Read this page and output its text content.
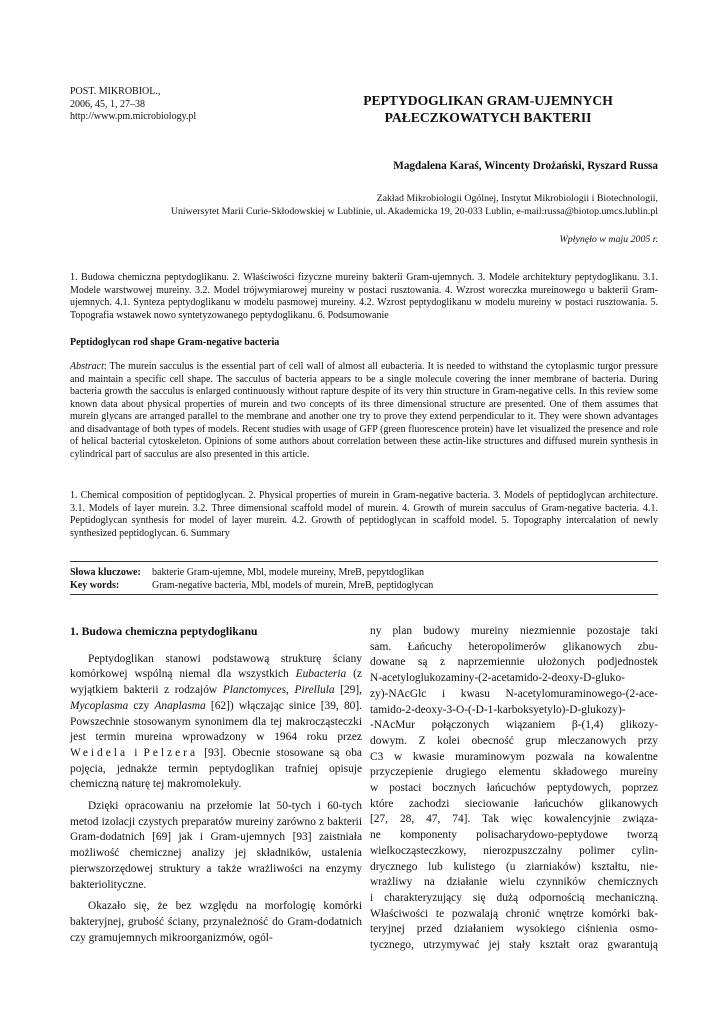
POST. MIKROBIOL.,
2006, 45, 1, 27–38
http://www.pm.microbiology.pl
PEPTYDOGLIKAN GRAM-UJEMNYCH
PAŁECZKOWATYCH BAKTERII
Magdalena Karaś, Wincenty Drożański, Ryszard Russa
Zakład Mikrobiologii Ogólnej, Instytut Mikrobiologii i Biotechnologii,
Uniwersytet Marii Curie-Skłodowskiej w Lublinie, ul. Akademicka 19, 20-033 Lublin, e-mail:russa@biotop.umcs.lublin.pl
Wpłynęło w maju 2005 r.
1. Budowa chemiczna peptydoglikanu. 2. Właściwości fizyczne mureiny bakterii Gram-ujemnych. 3. Modele architektury peptydoglikanu. 3.1. Modele warstwowej mureiny. 3.2. Model trójwymiarowej mureiny w postaci rusztowania. 4. Wzrost woreczka mureinowego u bakterii Gram-ujemnych. 4.1. Synteza peptydoglikanu w modelu pasmowej mureiny. 4.2. Wzrost peptydoglikanu w modelu mureiny w postaci rusztowania. 5. Topografia wstawek nowo syntetyzowanego peptydoglikanu. 6. Podsumowanie
Peptidoglycan rod shape Gram-negative bacteria
Abstract: The murein sacculus is the essential part of cell wall of almost all eubacteria. It is needed to withstand the cytoplasmic turgor pressure and maintain a specific cell shape. The sacculus of bacteria appears to be a single molecule covering the inner membrane of bacteria. During bacteria growth the sacculus is enlarged continuously without rapture despite of its very thin structure in Gram-negative cells. In this review some known data about physical properties of murein and two concepts of its three dimensional structure are presented. One of them assumes that murein glycans are arranged parallel to the membrane and another one try to prove they extend perpendicular to it. They were shown advantages and disadvantage of both types of models. Recent studies with usage of GFP (green fluorescence protein) have let visualized the presence and role of helical bacterial cytoskeleton. Opinions of some authors about correlation between these actin-like structures and diffused murein synthesis in cylindrical part of sacculus are also presented in this article.
1. Chemical composition of peptidoglycan. 2. Physical properties of murein in Gram-negative bacteria. 3. Models of peptidoglycan architecture. 3.1. Models of layer murein. 3.2. Three dimensional scaffold model of murein. 4. Growth of murein sacculus of Gram-negative bacteria. 4.1. Peptidoglycan synthesis for model of layer murein. 4.2. Growth of peptidoglycan in scaffold model. 5. Topography intercalation of newly synthesized peptidoglycan. 6. Summary
Słowa kluczowe:	bakterie Gram-ujemne, Mbl, modele mureiny, MreB, pepytdoglikan
Key words:	Gram-negative bacteria, Mbl, models of murein, MreB, peptidoglycan

1. Budowa chemiczna peptydoglikanu

Peptydoglikan stanowi podstawową strukturę ściany komórkowej wspólną niemal dla wszystkich Eubacteria (z wyjątkiem bakterii z rodzajów Planctomyces, Pirellula [29], Mycoplasma czy Anaplasma [62]) włączając sinice [39, 80]. Powszechnie stosowanym synonimem dla tej makrocząsteczki jest termin mureina wprowadzony w 1964 roku przez Weidela i Pelzera [93]. Obecnie stosowane są oba pojęcia, jednakże termin peptydoglikan trafniej opisuje chemiczną naturę tej makromolekuły.

Dzięki opracowaniu na przełomie lat 50-tych i 60-tych metod izolacji czystych preparatów mureiny zarówno z bakterii Gram-dodatnich [69] jak i Gram-ujemnych [93] zaistniała możliwość chemicznej analizy jej składników, ustalenia pierwszorzędowej struktury a także wrażliwości na enzymy bakteriolityczne.

Okazało się, że bez względu na morfologię komórki bakteryjnej, grubość ściany, przynależność do Gram-dodatnich czy gramujemnych mikroorganizmów, ogól-

ny plan budowy mureiny niezmiennie pozostaje taki
sam. Łańcuchy heteropolimerów glikanowych zbu-
dowane są z naprzemiennie ułożonych podjednostek
N-acetyloglukozaminy-(2-acetamido-2-deoxy-D-gluko-
zy)-NAcGlc i kwasu N-acetylomuraminowego-(2-ace-
tamido-2-deoxy-3-O-(-D-1-karboksyetylo)-D-glukozy)-
-NAcMur połączonych wiązaniem β-(1,4) glikozy-
dowym. Z kolei obecność grup mleczanowych przy
C3 w kwasie muraminowym pozwala na kowalentne
przyczepienie drugiego elementu składowego mureiny
w postaci bocznych łańcuchów peptydowych, poprzez
które zachodzi sieciowanie łańcuchów glikanowych
[27, 28, 47, 74]. Tak więc kowalencyjnie związa-
ne komponenty polisacharydowo-peptydowe tworzą
wielkocząsteczkowy, nierozpuszczalny polimer cylin-
drycznego lub kulistego (u ziarniaków) kształtu, nie-
wrażliwy na działanie wielu czynników chemicznych
i charakteryzujący się dużą odpornością mechaniczną.
Właściwości te pozwalają chronić wnętrze komórki bak-
teryjnej przed działaniem wysokiego ciśnienia osmo-
tycznego, utrzymywać jej stały kształt oraz gwarantują
